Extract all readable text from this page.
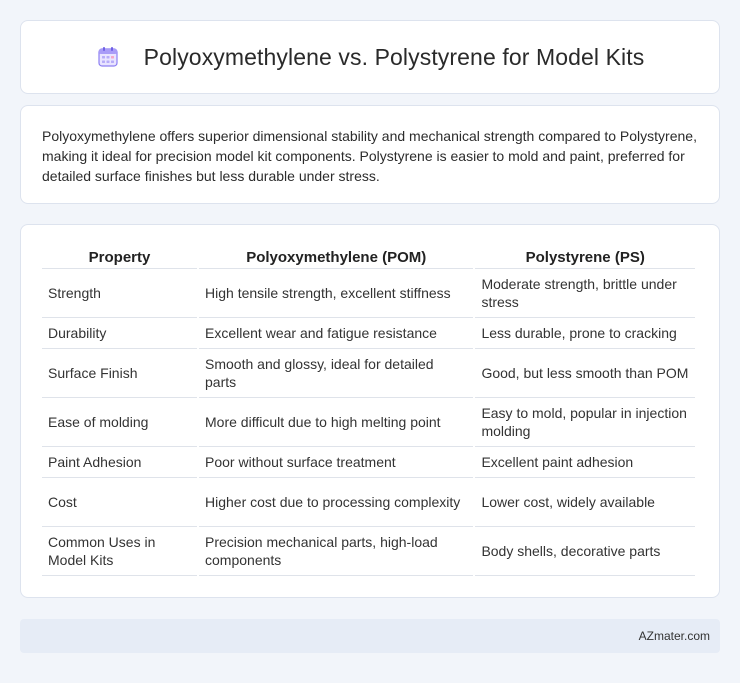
Polyoxymethylene vs. Polystyrene for Model Kits

Polyoxymethylene offers superior dimensional stability and mechanical strength compared to Polystyrene, making it ideal for precision model kit components. Polystyrene is easier to mold and paint, preferred for detailed surface finishes but less durable under stress.

Property	Polyoxymethylene (POM)	Polystyrene (PS)
Strength	High tensile strength, excellent stiffness	Moderate strength, brittle under stress
Durability	Excellent wear and fatigue resistance	Less durable, prone to cracking
Surface Finish	Smooth and glossy, ideal for detailed parts	Good, but less smooth than POM
Ease of molding	More difficult due to high melting point	Easy to mold, popular in injection molding
Paint Adhesion	Poor without surface treatment	Excellent paint adhesion
Cost	Higher cost due to processing complexity	Lower cost, widely available
Common Uses in Model Kits	Precision mechanical parts, high-load components	Body shells, decorative parts
AZmater.com
